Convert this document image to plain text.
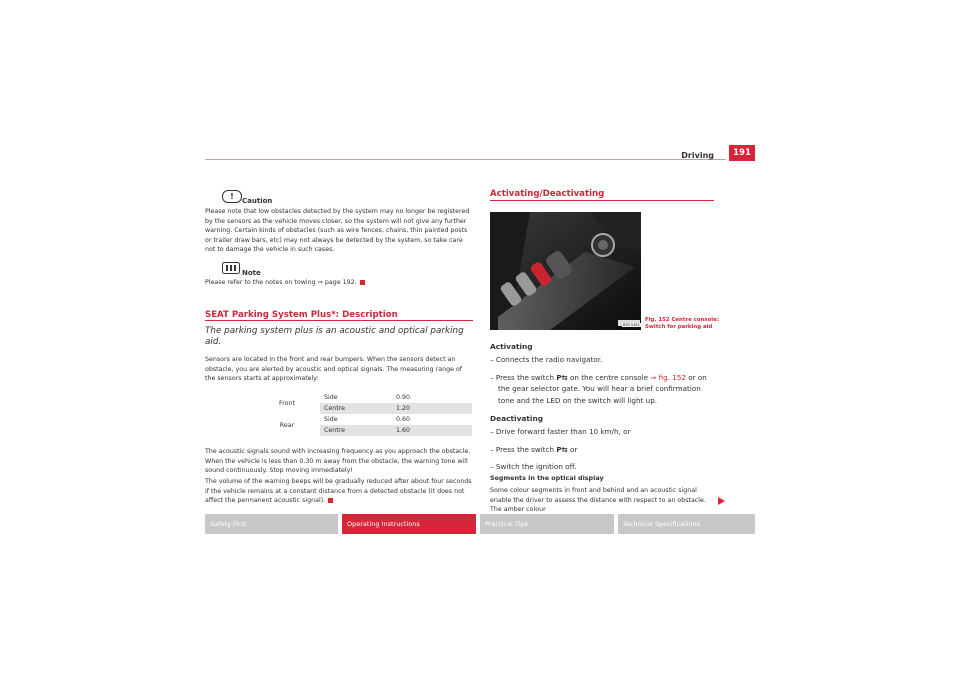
Driving	191
!	Caution
Please note that low obstacles detected by the system may no longer be registered by the sensors as the vehicle moves closer, so the system will not give any further warning. Certain kinds of obstacles (such as wire fences, chains, thin painted posts or trailer draw bars, etc) may not always be detected by the system, so take care not to damage the vehicle in such cases.
Note
Please refer to the notes on towing ⇒ page 192.
SEAT Parking System Plus*: Description
The parking system plus is an acoustic and optical parking aid.
Sensors are located in the front and rear bumpers. When the sensors detect an obstacle, you are alerted by acoustic and optical signals. The measuring range of the sensors starts at approximately:
Front	Side	0.90
	Centre	1.20
Rear	Side	0.60
	Centre	1.60
The acoustic signals sound with increasing frequency as you approach the obstacle. When the vehicle is less than 0.30 m away from the obstacle, the warning tone will sound continuously. Stop moving immediately!
The volume of the warning beeps will be gradually reduced after about four seconds if the vehicle remains at a constant distance from a detected obstacle (it does not affect the permanent acoustic signal).
Activating/Deactivating
B5P-0481
Fig. 152 Centre console: Switch for parking aid
Activating
– Connects the radio navigator.
– Press the switch P⇆ on the centre console ⇒ fig. 152 or on the gear selector gate. You will hear a brief confirmation tone and the LED on the switch will light up.
Deactivating
– Drive forward faster than 10 km/h, or
– Press the switch P⇆ or
– Switch the ignition off.
Segments in the optical display
Some colour segments in front and behind and an acoustic signal enable the driver to assess the distance with respect to an obstacle. The amber colour
Safety First	Operating Instructions	Practical Tips	Technical Specifications
